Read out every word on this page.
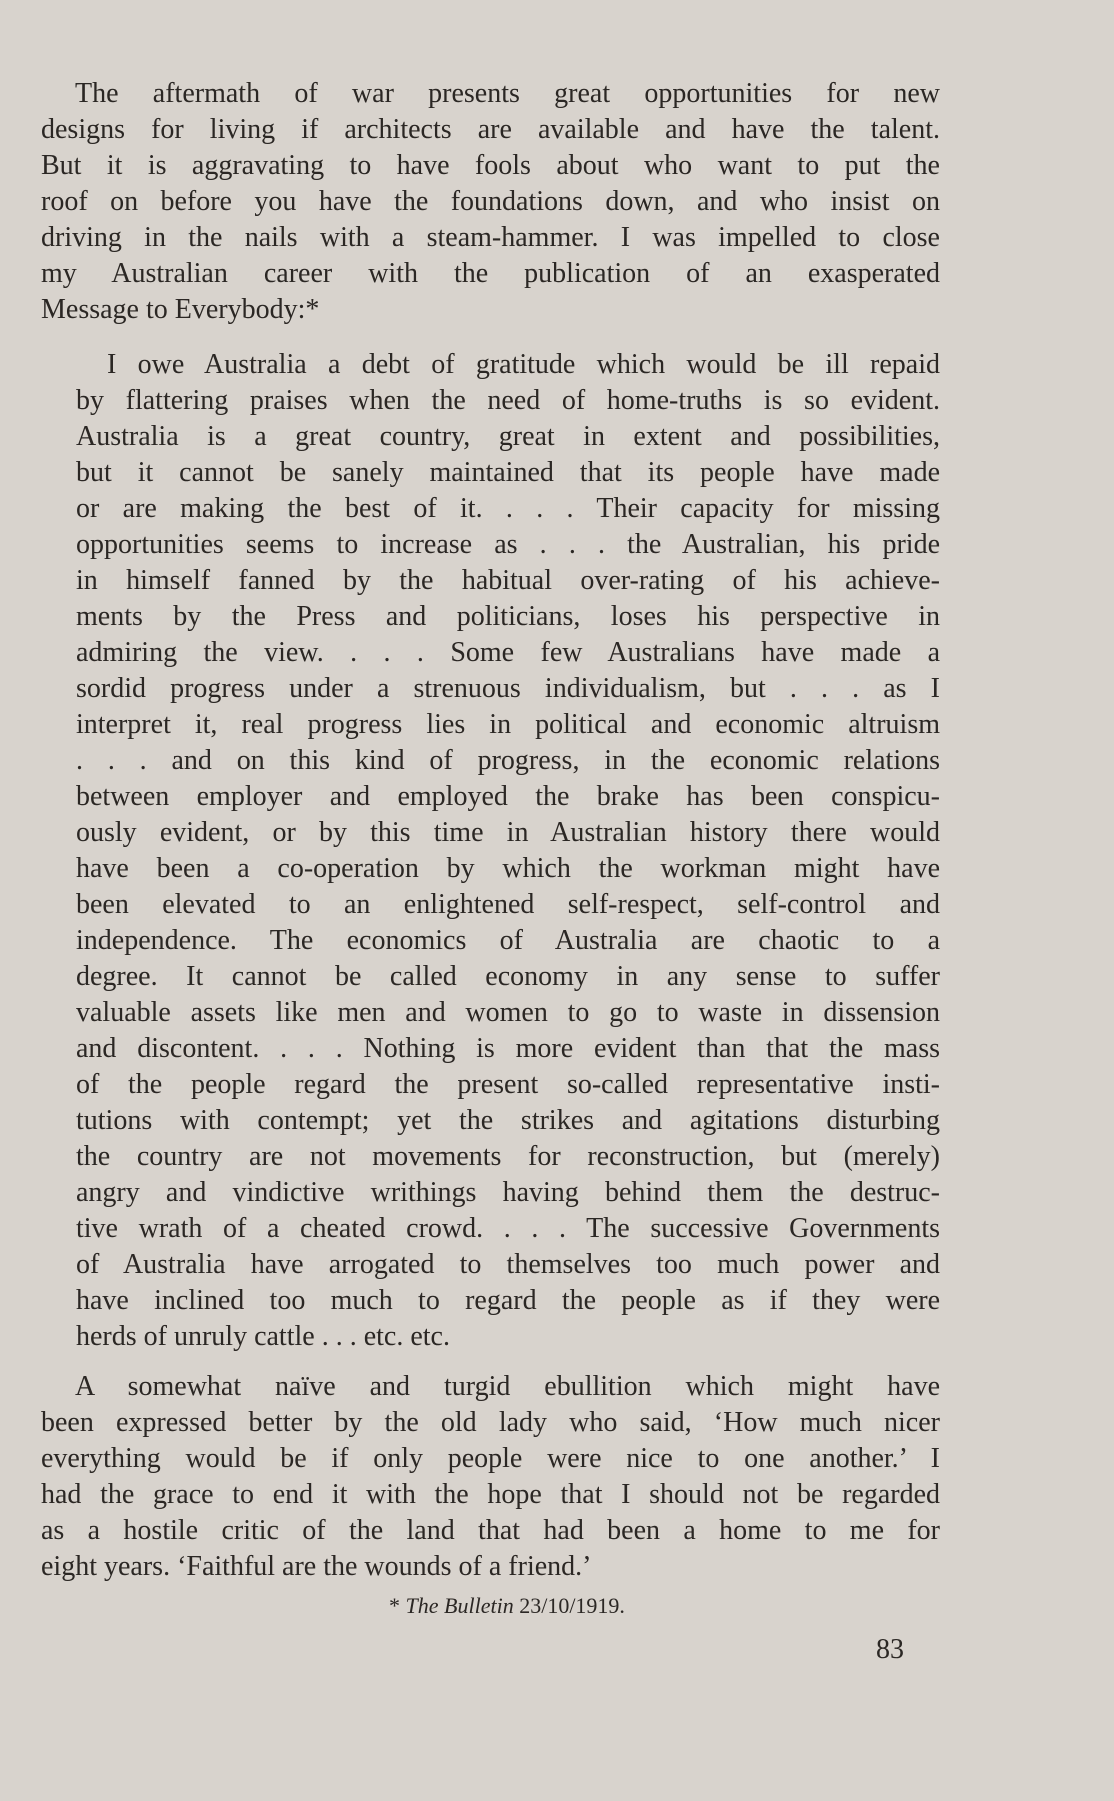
The aftermath of war presents great opportunities for new
designs for living if architects are available and have the talent.
But it is aggravating to have fools about who want to put the
roof on before you have the foundations down, and who insist on
driving in the nails with a steam-hammer. I was impelled to close
my Australian career with the publication of an exasperated
Message to Everybody:*
I owe Australia a debt of gratitude which would be ill repaid
by flattering praises when the need of home-truths is so evident.
Australia is a great country, great in extent and possibilities,
but it cannot be sanely maintained that its people have made
or are making the best of it. . . . Their capacity for missing
opportunities seems to increase as . . . the Australian, his pride
in himself fanned by the habitual over-rating of his achieve-
ments by the Press and politicians, loses his perspective in
admiring the view. . . . Some few Australians have made a
sordid progress under a strenuous individualism, but . . . as I
interpret it, real progress lies in political and economic altruism
. . . and on this kind of progress, in the economic relations
between employer and employed the brake has been conspicu-
ously evident, or by this time in Australian history there would
have been a co-operation by which the workman might have
been elevated to an enlightened self-respect, self-control and
independence. The economics of Australia are chaotic to a
degree. It cannot be called economy in any sense to suffer
valuable assets like men and women to go to waste in dissension
and discontent. . . . Nothing is more evident than that the mass
of the people regard the present so-called representative insti-
tutions with contempt; yet the strikes and agitations disturbing
the country are not movements for reconstruction, but (merely)
angry and vindictive writhings having behind them the destruc-
tive wrath of a cheated crowd. . . . The successive Governments
of Australia have arrogated to themselves too much power and
have inclined too much to regard the people as if they were
herds of unruly cattle . . . etc. etc.
A somewhat naïve and turgid ebullition which might have
been expressed better by the old lady who said, ‘How much nicer
everything would be if only people were nice to one another.’ I
had the grace to end it with the hope that I should not be regarded
as a hostile critic of the land that had been a home to me for
eight years. ‘Faithful are the wounds of a friend.’
* The Bulletin 23/10/1919.
83
